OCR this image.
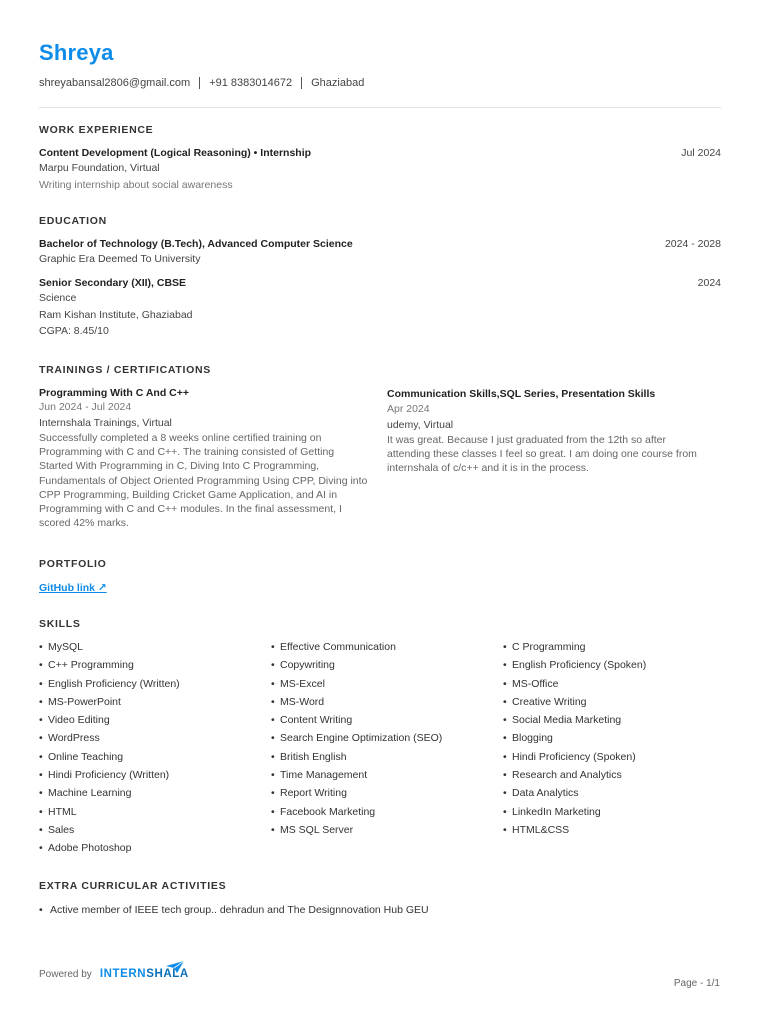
Shreya
shreyabansal2806@gmail.com +91 8383014672 Ghaziabad
WORK EXPERIENCE
Content Development (Logical Reasoning) • Internship	Jul 2024
Marpu Foundation, Virtual
Writing internship about social awareness
EDUCATION
Bachelor of Technology (B.Tech), Advanced Computer Science	2024 - 2028
Graphic Era Deemed To University
Senior Secondary (XII), CBSE	2024
Science
Ram Kishan Institute, Ghaziabad
CGPA: 8.45/10
TRAININGS / CERTIFICATIONS
Programming With C And C++
Jun 2024 - Jul 2024
Internshala Trainings, Virtual
Successfully completed a 8 weeks online certified training on Programming with C and C++. The training consisted of Getting Started With Programming in C, Diving Into C Programming, Fundamentals of Object Oriented Programming Using CPP, Diving into CPP Programming, Building Cricket Game Application, and AI in Programming with C and C++ modules. In the final assessment, I scored 42% marks.
Communication Skills,SQL Series, Presentation Skills
Apr 2024
udemy, Virtual
It was great. Because I just graduated from the 12th so after attending these classes I feel so great. I am doing one course from internshala of c/c++ and it is in the process.
PORTFOLIO
GitHub link ↗
SKILLS
• MySQL
• C++ Programming
• English Proficiency (Written)
• MS-PowerPoint
• Video Editing
• WordPress
• Online Teaching
• Hindi Proficiency (Written)
• Machine Learning
• HTML
• Sales
• Adobe Photoshop
• Effective Communication
• Copywriting
• MS-Excel
• MS-Word
• Content Writing
• Search Engine Optimization (SEO)
• British English
• Time Management
• Report Writing
• Facebook Marketing
• MS SQL Server
• C Programming
• English Proficiency (Spoken)
• MS-Office
• Creative Writing
• Social Media Marketing
• Blogging
• Hindi Proficiency (Spoken)
• Research and Analytics
• Data Analytics
• LinkedIn Marketing
• HTML&CSS
EXTRA CURRICULAR ACTIVITIES
• Active member of IEEE tech group.. dehradun and The Designnovation Hub GEU
Powered by INTERNSHALA
Page - 1/1
